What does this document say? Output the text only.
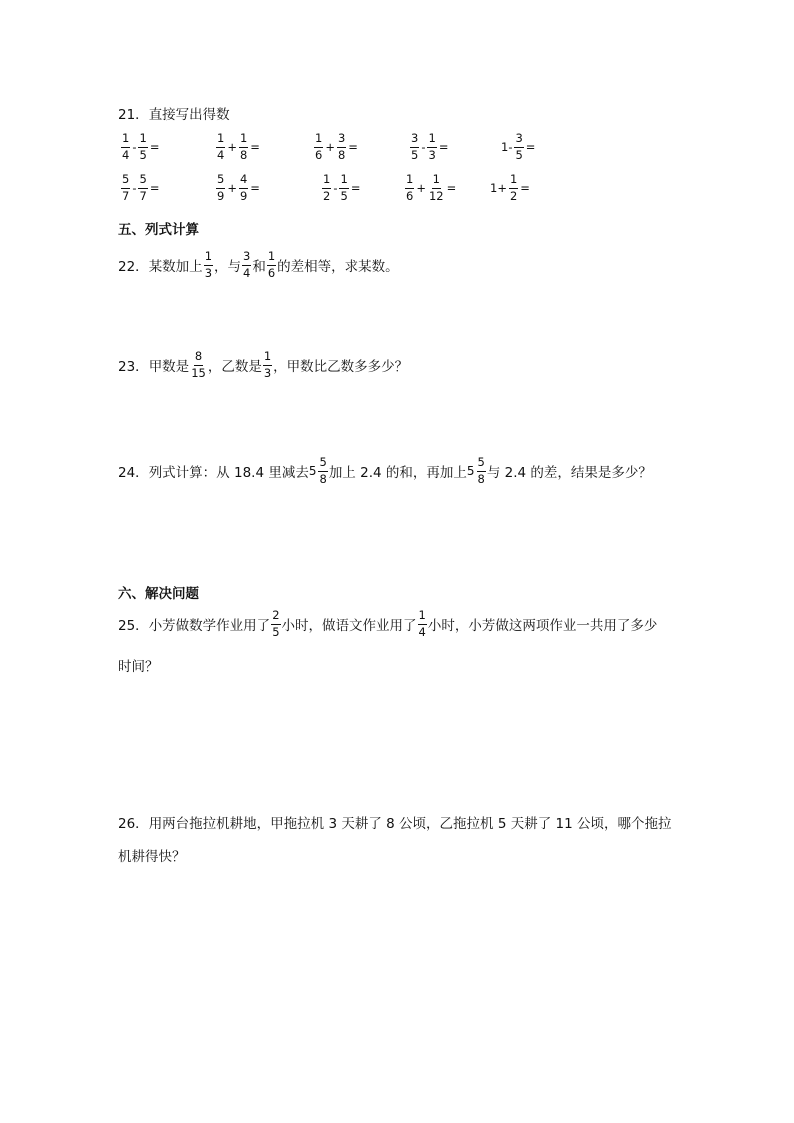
21． 直接写出得数
$\frac{1}{4} - \frac{1}{5}$ =	$\frac{1}{4} + \frac{1}{8}$ =	$\frac{1}{6} + \frac{3}{8}$ =	$\frac{3}{5} - \frac{1}{3}$ =	$1- \frac{3}{5}$ =
$\frac{5}{7} - \frac{5}{7}$ =	$\frac{5}{9} + \frac{4}{9}$ =	$\frac{1}{2} - \frac{1}{5}$ =	$\frac{1}{6} + \frac{1}{12}$ =	$1+ \frac{1}{2}$ =
五、列式计算
22． 某数加上 $\frac{1}{3}$ ，与 $\frac{3}{4}$ 和 $\frac{1}{6}$ 的差相等，求某数。
23． 甲数是 $\frac{8}{15}$ ，乙数是 $\frac{1}{3}$ ，甲数比乙数多多少？
24． 列式计算：从 18.4 里减去 $5 \frac{5}{8}$ 加上 2.4 的和，再加上 $5 \frac{5}{8}$ 与 2.4 的差，结果是多少？
六、解决问题
25． 小芳做数学作业用了 $\frac{2}{5}$ 小时，做语文作业用了 $\frac{1}{4}$ 小时，小芳做这两项作业一共用了多少
时间？
26． 用两台拖拉机耕地，甲拖拉机 3 天耕了 8 公顷，乙拖拉机 5 天耕了 11 公顷，哪个拖拉
机耕得快？
